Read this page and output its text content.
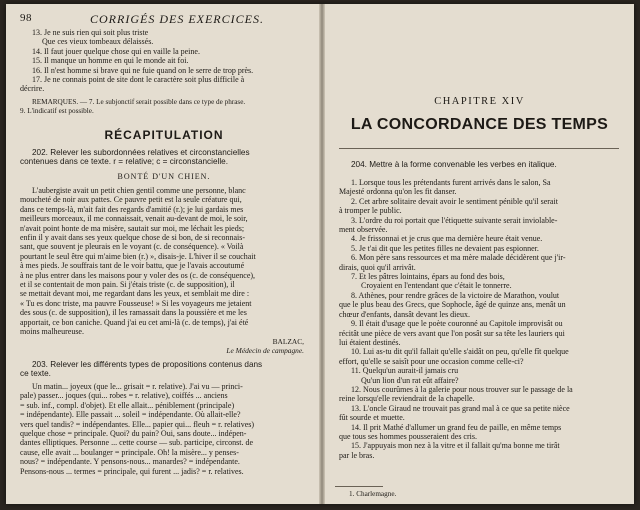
98	CORRIGÉS DES EXERCICES.
13. Je ne suis rien qui soit plus triste
Que ces vieux tombeaux délaissés.
14. Il faut jouer quelque chose qui en vaille la peine.
15. Il manque un homme en qui le monde ait foi.
16. Il n'est homme si brave qui ne fuie quand on le serre de trop près.
17. Je ne connais point de site dont le caractère soit plus difficile à
décrire.
REMARQUES. — 7. Le subjonctif serait possible dans ce type de phrase.
9. L'indicatif est possible.
RÉCAPITULATION
202. Relever les subordonnées relatives et circonstancielles
contenues dans ce texte. r = relative; c = circonstancielle.
BONTÉ D'UN CHIEN.
L'aubergiste avait un petit chien gentil comme une personne, blanc
moucheté de noir aux pattes. Ce pauvre petit est la seule créature qui,
dans ce temps-là, m'ait fait des regards d'amitié (r.); je lui gardais mes
meilleurs morceaux, il me connaissait, venait au-devant de moi, le soir,
n'avait point honte de ma misère, sautait sur moi, me léchait les pieds;
enfin il y avait dans ses yeux quelque chose de si bon, de si reconnais-
sant, que souvent je pleurais en le voyant (c. de conséquence). « Voilà
pourtant le seul être qui m'aime bien (r.) », disais-je. L'hiver il se couchait
à mes pieds. Je souffrais tant de le voir battu, que je l'avais accoutumé
à ne plus entrer dans les maisons pour y voler des os (c. de conséquence),
et il se contentait de mon pain. Si j'étais triste (c. de supposition), il
se mettait devant moi, me regardant dans les yeux, et semblait me dire :
« Tu es donc triste, ma pauvre Fousseuse! » Si les voyageurs me jetaient
des sous (c. de supposition), il les ramassait dans la poussière et me les
apportait, ce bon caniche. Quand j'ai eu cet ami-là (c. de temps), j'ai été
moins malheureuse.
BALZAC,
Le Médecin de campagne.
203. Relever les différents types de propositions contenus dans
ce texte.
Un matin... joyeux (que le... grisait = r. relative). J'ai vu — princi-
pale) passer... joques (qui... robes = r. relative), coiffés ... anciens
= sub. inf., compl. d'objet). Et elle allait... péniblement (principale)
= indépendante). Elle passait ... soleil = indépendante. Où allait-elle?
vers quel tandis? = indépendantes. Elle... papier qui... fleuh = r. relatives)
quelque chose = principale. Quoi? du pain? Oui, sans doute... indépen-
dantes elliptiques. Personne ... cette course — sub. participe, circonst. de
cause, elle avait ... boulanger = principale. Oh! la misère... y penses-
nous? = indépendante. Y pensons-nous... manardes? = indépendante.
Pensons-nous ... termes = principale, qui furent ... jadis? = r. relatives.
CHAPITRE XIV
LA CONCORDANCE DES TEMPS
204. Mettre à la forme convenable les verbes en italique.
1. Lorsque tous les prétendants furent arrivés dans le salon, Sa
Majesté ordonna qu'on les fit danser.
2. Cet arbre solitaire devait avoir le sentiment pénible qu'il serait
à tromper le public.
3. L'ordre du roi portait que l'étiquette suivante serait inviolable-
ment observée.
4. Je frissonnai et je crus que ma dernière heure était venue.
5. Je t'ai dit que les petites filles ne devaient pas espionner.
6. Mon père sans ressources et ma mère malade décidèrent que j'ir-
dirais, quoi qu'il arrivât.
7. Et les pâtres lointains, épars au fond des bois,
Croyaient en l'entendant que c'était le tonnerre.
8. Athènes, pour rendre grâces de la victoire de Marathon, voulut
que le plus beau des Grecs, que Sophocle, âgé de quinze ans, menât un
chœur d'enfants, dansât devant les dieux.
9. Il était d'usage que le poète couronné au Capitole improvisât ou
récitât une pièce de vers avant que l'on posât sur sa tête les lauriers qui
lui étaient destinés.
10. Lui as-tu dit qu'il fallait qu'elle s'aidât on peu, qu'elle fît quelque
effort, qu'elle se saisît pour une occasion comme celle-ci?
11. Quelqu'un aurait-il jamais cru
Qu'un lion d'un rat eût affaire?
12. Nous courûmes à la galerie pour nous trouver sur le passage de la
reine lorsqu'elle reviendrait de la chapelle.
13. L'oncle Giraud ne trouvait pas grand mal à ce que sa petite nièce
fût sourde et muette.
14. Il prit Mathé d'allumer un grand feu de paille, en même temps
que tous ses hommes pousseraient des cris.
15. J'appuyais mon nez à la vitre et il fallait qu'ma bonne me tirât
par le bras.
1. Charlemagne.
